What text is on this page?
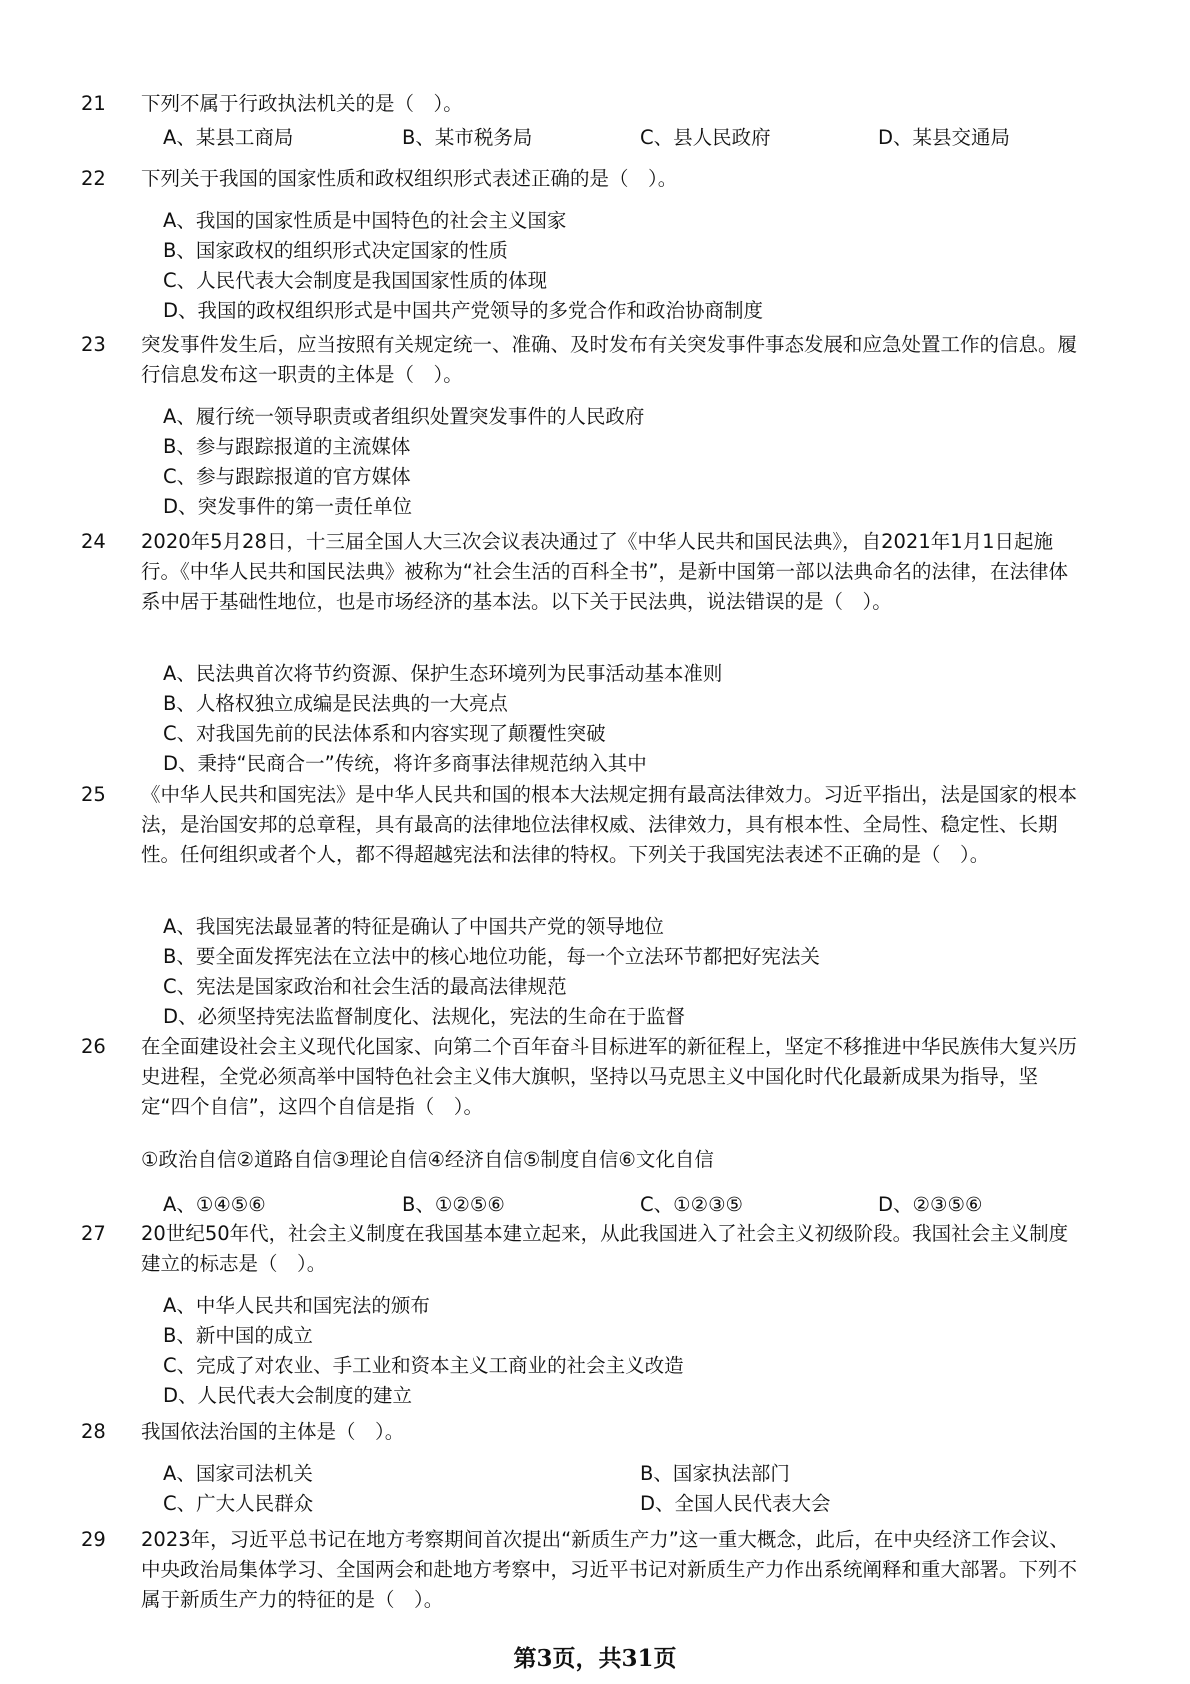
21 下列不属于行政执法机关的是（　）。

A、某县工商局	B、某市税务局	C、县人民政府	D、某县交通局
22 下列关于我国的国家性质和政权组织形式表述正确的是（　）。

A、我国的国家性质是中国特色的社会主义国家
B、国家政权的组织形式决定国家的性质
C、人民代表大会制度是我国国家性质的体现
D、我国的政权组织形式是中国共产党领导的多党合作和政治协商制度
23 突发事件发生后，应当按照有关规定统一、准确、及时发布有关突发事件事态发展和应急处置工作的信息。履行信息发布这一职责的主体是（　）。

A、履行统一领导职责或者组织处置突发事件的人民政府
B、参与跟踪报道的主流媒体
C、参与跟踪报道的官方媒体
D、突发事件的第一责任单位
24 2020年5月28日，十三届全国人大三次会议表决通过了《中华人民共和国民法典》，自2021年1月1日起施行。《中华人民共和国民法典》被称为“社会生活的百科全书”，是新中国第一部以法典命名的法律，在法律体系中居于基础性地位，也是市场经济的基本法。以下关于民法典，说法错误的是（　）。

A、民法典首次将节约资源、保护生态环境列为民事活动基本准则
B、人格权独立成编是民法典的一大亮点
C、对我国先前的民法体系和内容实现了颠覆性突破
D、秉持“民商合一”传统，将许多商事法律规范纳入其中
25 《中华人民共和国宪法》是中华人民共和国的根本大法规定拥有最高法律效力。习近平指出，法是国家的根本法，是治国安邦的总章程，具有最高的法律地位法律权威、法律效力，具有根本性、全局性、稳定性、长期性。任何组织或者个人，都不得超越宪法和法律的特权。下列关于我国宪法表述不正确的是（　）。

A、我国宪法最显著的特征是确认了中国共产党的领导地位
B、要全面发挥宪法在立法中的核心地位功能，每一个立法环节都把好宪法关
C、宪法是国家政治和社会生活的最高法律规范
D、必须坚持宪法监督制度化、法规化，宪法的生命在于监督
26 在全面建设社会主义现代化国家、向第二个百年奋斗目标进军的新征程上，坚定不移推进中华民族伟大复兴历史进程，全党必须高举中国特色社会主义伟大旗帜，坚持以马克思主义中国化时代化最新成果为指导，坚定“四个自信”，这四个自信是指（　）。

①政治自信②道路自信③理论自信④经济自信⑤制度自信⑥文化自信
A、①④⑤⑥	B、①②⑤⑥	C、①②③⑤	D、②③⑤⑥
27 20世纪50年代，社会主义制度在我国基本建立起来，从此我国进入了社会主义初级阶段。我国社会主义制度建立的标志是（　）。

A、中华人民共和国宪法的颁布
B、新中国的成立
C、完成了对农业、手工业和资本主义工商业的社会主义改造
D、人民代表大会制度的建立
28 我国依法治国的主体是（　）。

A、国家司法机关	B、国家执法部门
C、广大人民群众	D、全国人民代表大会
29 2023年，习近平总书记在地方考察期间首次提出“新质生产力”这一重大概念，此后，在中央经济工作会议、中央政治局集体学习、全国两会和赴地方考察中，习近平书记对新质生产力作出系统阐释和重大部署。下列不属于新质生产力的特征的是（　）。

第3页，共31页
